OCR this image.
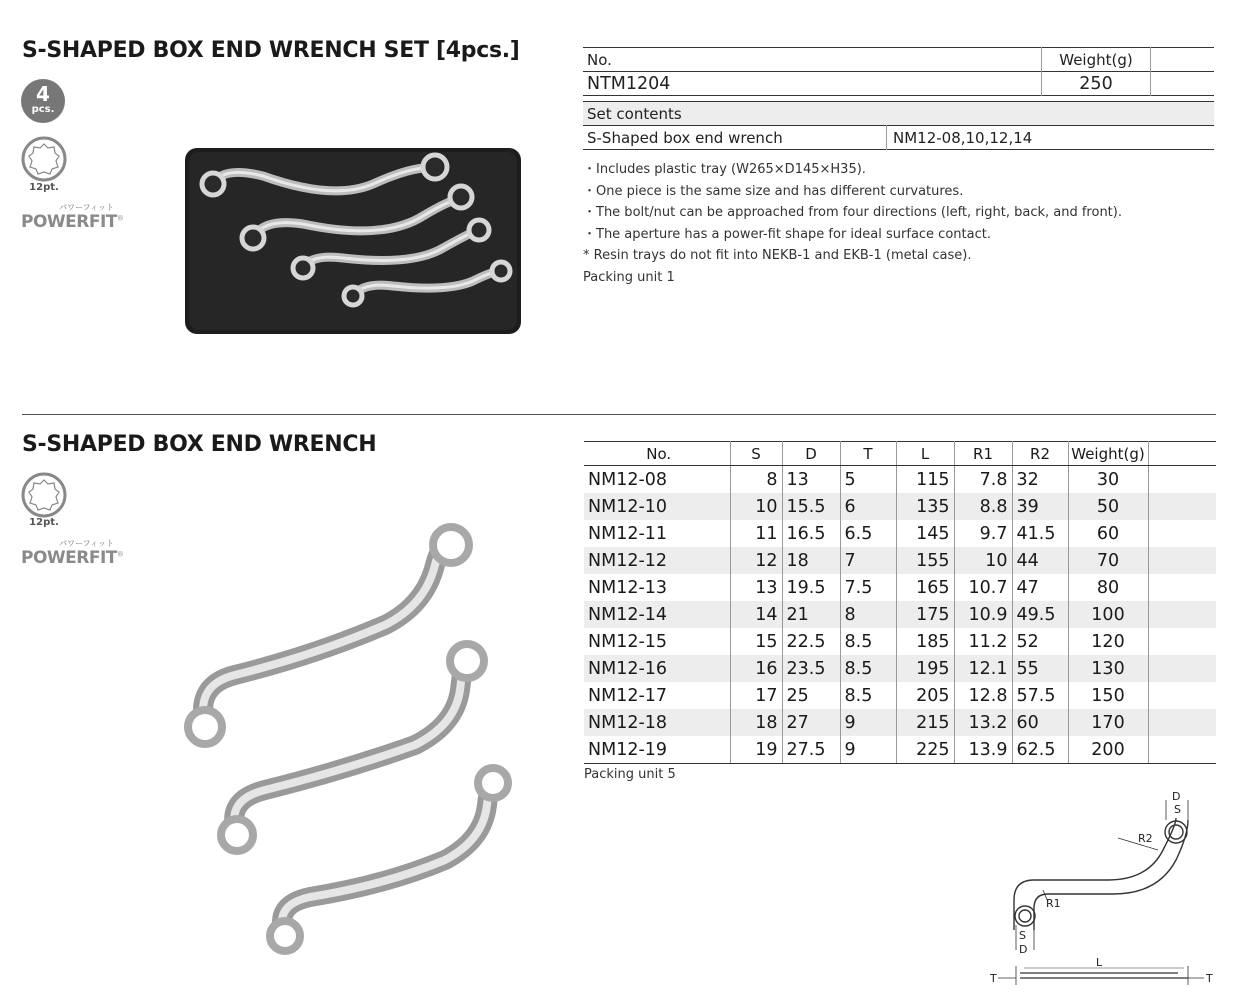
S-SHAPED BOX END WRENCH SET [4pcs.]
4
pcs.
12pt.
パワーフィット
POWERFIT®
No.	Weight(g)	
NTM1204	250	
Set contents
S-Shaped box end wrench	NM12-08,10,12,14
・Includes plastic tray (W265×D145×H35).
・One piece is the same size and has different curvatures.
・The bolt/nut can be approached from four directions (left, right, back, and front).
・The aperture has a power-fit shape for ideal surface contact.
* Resin trays do not fit into NEKB-1 and EKB-1 (metal case).
Packing unit 1
S-SHAPED BOX END WRENCH
12pt.
パワーフィット
POWERFIT®
No.	S	D	T	L	R1	R2	Weight(g)	
NM12-08	8	13	5	115	7.8	32	30	
NM12-10	10	15.5	6	135	8.8	39	50	
NM12-11	11	16.5	6.5	145	9.7	41.5	60	
NM12-12	12	18	7	155	10	44	70	
NM12-13	13	19.5	7.5	165	10.7	47	80	
NM12-14	14	21	8	175	10.9	49.5	100	
NM12-15	15	22.5	8.5	185	11.2	52	120	
NM12-16	16	23.5	8.5	195	12.1	55	130	
NM12-17	17	25	8.5	205	12.8	57.5	150	
NM12-18	18	27	9	215	13.2	60	170	
NM12-19	19	27.5	9	225	13.9	62.5	200	
Packing unit 5
D
S
S
D
R1
R2
L
T	T
